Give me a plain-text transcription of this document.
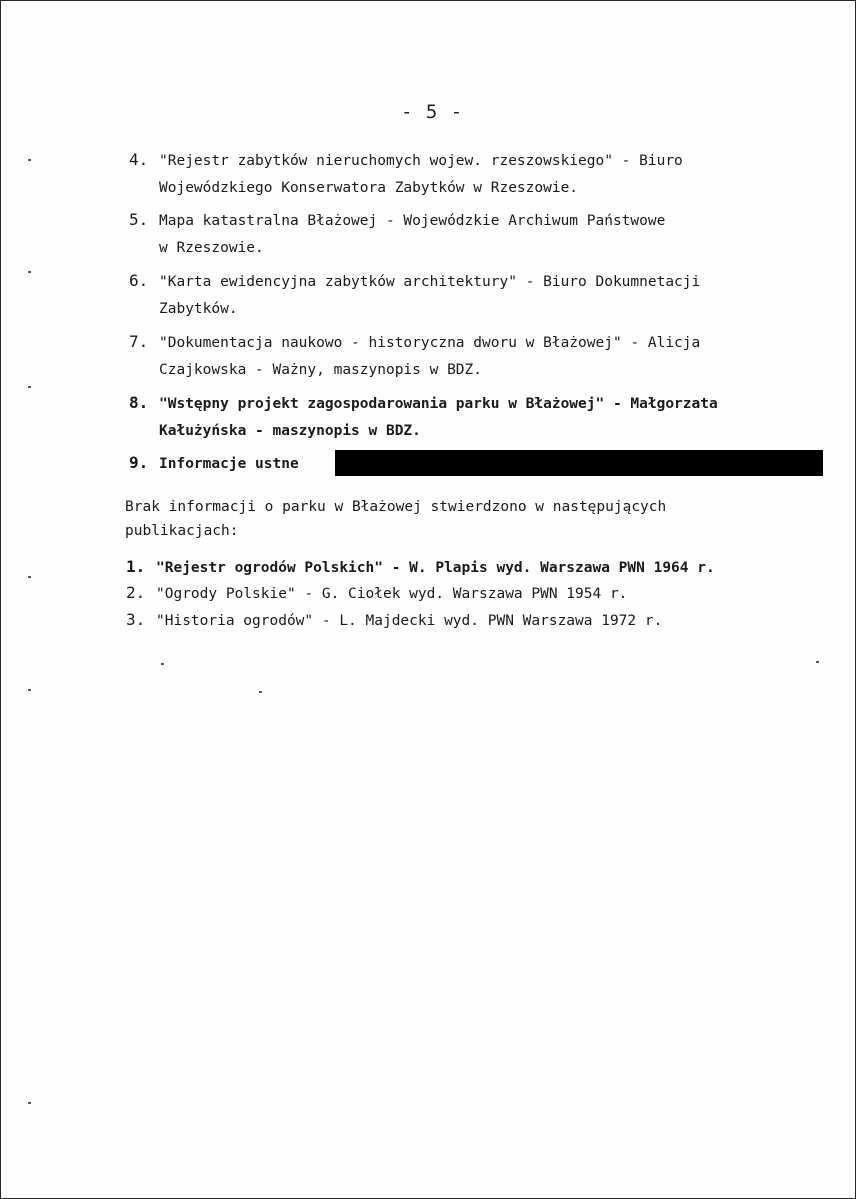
- 5 -
4. "Rejestr zabytków nieruchomych wojew. rzeszowskiego" - Biuro
Wojewódzkiego Konserwatora Zabytków w Rzeszowie.
5. Mapa katastralna Błażowej - Wojewódzkie Archiwum Państwowe
w Rzeszowie.
6. "Karta ewidencyjna zabytków architektury" - Biuro Dokumnetacji
Zabytków.
7. "Dokumentacja naukowo - historyczna dworu w Błażowej" - Alicja
Czajkowska - Ważny, maszynopis w BDZ.
8. "Wstępny projekt zagospodarowania parku w Błażowej" - Małgorzata
Kałużyńska - maszynopis w BDZ.
9. Informacje ustne
Brak informacji o parku w Błażowej stwierdzono w następujących
publikacjach:
1. "Rejestr ogrodów Polskich" - W. Plapis wyd. Warszawa PWN 1964 r.
2. "Ogrody Polskie" - G. Ciołek wyd. Warszawa PWN 1954 r.
3. "Historia ogrodów" - L. Majdecki wyd. PWN Warszawa 1972 r.
